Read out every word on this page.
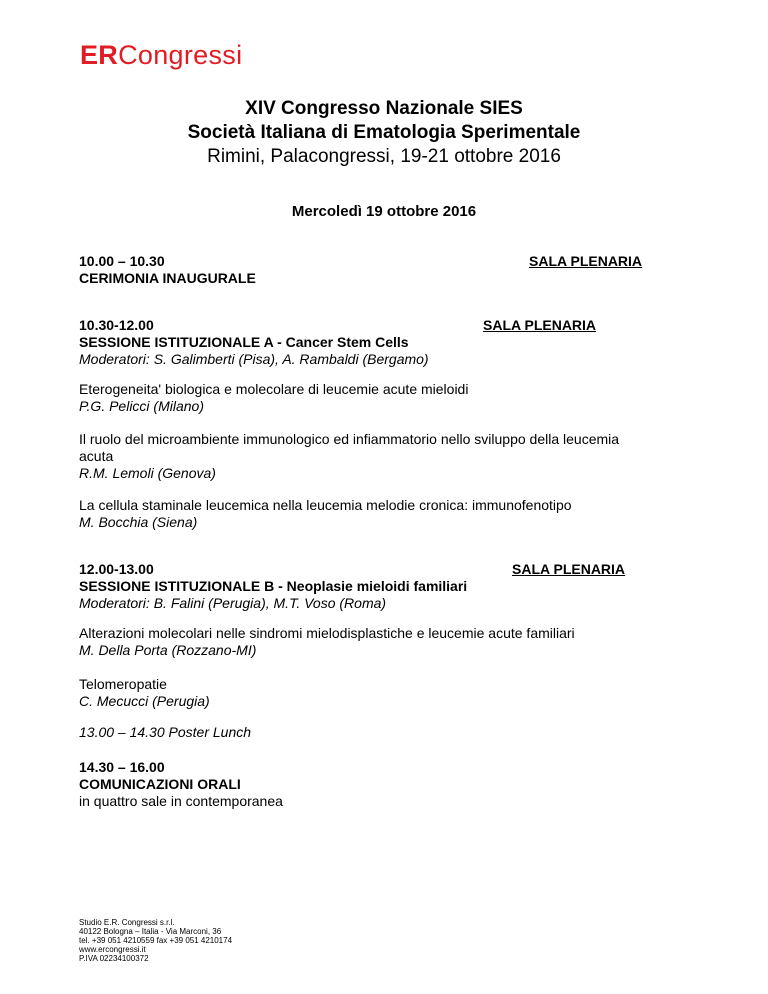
ERCongressi
XIV Congresso Nazionale SIES
Società Italiana di Ematologia Sperimentale
Rimini, Palacongressi, 19-21 ottobre 2016
Mercoledì 19 ottobre 2016
10.00 – 10.30
CERIMONIA INAUGURALE
SALA PLENARIA
10.30-12.00
SESSIONE ISTITUZIONALE A - Cancer Stem Cells
Moderatori: S. Galimberti (Pisa), A. Rambaldi (Bergamo)
SALA PLENARIA
Eterogeneita' biologica e molecolare di leucemie acute mieloidi
P.G. Pelicci (Milano)
Il ruolo del microambiente immunologico ed infiammatorio nello sviluppo della leucemia
acuta
R.M. Lemoli (Genova)
La cellula staminale leucemica nella leucemia melodie cronica: immunofenotipo
M. Bocchia (Siena)
12.00-13.00
SESSIONE ISTITUZIONALE B - Neoplasie mieloidi familiari
Moderatori: B. Falini (Perugia), M.T. Voso (Roma)
SALA PLENARIA
Alterazioni molecolari nelle sindromi mielodisplastiche e leucemie acute familiari
M. Della Porta (Rozzano-MI)
Telomeropatie
C. Mecucci (Perugia)
13.00 – 14.30 Poster Lunch
14.30 – 16.00
COMUNICAZIONI ORALI
in quattro sale in contemporanea
Studio E.R. Congressi s.r.l.
40122 Bologna – Italia - Via Marconi, 36
tel. +39 051 4210559 fax +39 051 4210174
www.ercongressi.it
P.IVA 02234100372
